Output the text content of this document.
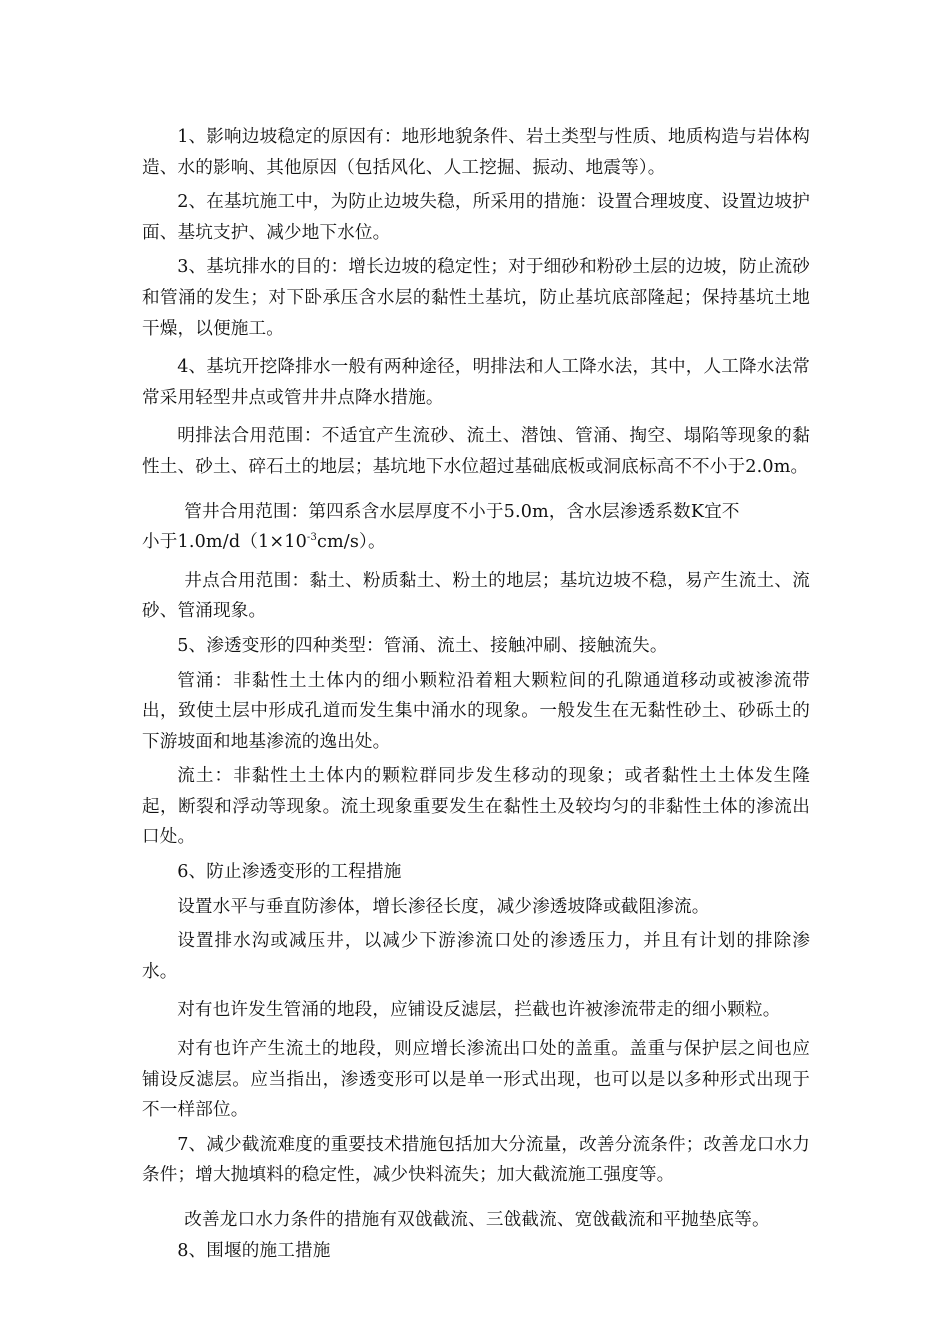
1、影响边坡稳定的原因有：地形地貌条件、岩土类型与性质、地质构造与岩体构造、水的影响、其他原因（包括风化、人工挖掘、振动、地震等）。

2、在基坑施工中，为防止边坡失稳，所采用的措施：设置合理坡度、设置边坡护面、基坑支护、减少地下水位。

3、基坑排水的目的：增长边坡的稳定性；对于细砂和粉砂土层的边坡，防止流砂和管涌的发生；对下卧承压含水层的黏性土基坑，防止基坑底部隆起；保持基坑土地干燥，以便施工。

4、基坑开挖降排水一般有两种途径，明排法和人工降水法，其中，人工降水法常常采用轻型井点或管井井点降水措施。

明排法合用范围：不适宜产生流砂、流土、潜蚀、管涌、掏空、塌陷等现象的黏性土、砂土、碎石土的地层；基坑地下水位超过基础底板或洞底标高不不小于2.0m。

管井合用范围：第四系含水层厚度不小于5.0m，含水层渗透系数K宜不
小于$1.0m/d(1\times 10^{-3}cm/s)$。

井点合用范围：黏土、粉质黏土、粉土的地层；基坑边坡不稳，易产生流土、流砂、管涌现象。

5、渗透变形的四种类型：管涌、流土、接触冲刷、接触流失。

管涌：非黏性土土体内的细小颗粒沿着粗大颗粒间的孔隙通道移动或被渗流带出，致使土层中形成孔道而发生集中涌水的现象。一般发生在无黏性砂土、砂砾土的下游坡面和地基渗流的逸出处。

流土：非黏性土土体内的颗粒群同步发生移动的现象；或者黏性土土体发生隆起，断裂和浮动等现象。流土现象重要发生在黏性土及较均匀的非黏性土体的渗流出口处。

6、防止渗透变形的工程措施

设置水平与垂直防渗体，增长渗径长度，减少渗透坡降或截阻渗流。

设置排水沟或减压井，以减少下游渗流口处的渗透压力，并且有计划的排除渗水。

对有也许发生管涌的地段，应铺设反滤层，拦截也许被渗流带走的细小颗粒。

对有也许产生流土的地段，则应增长渗流出口处的盖重。盖重与保护层之间也应铺设反滤层。应当指出，渗透变形可以是单一形式出现，也可以是以多种形式出现于不一样部位。

7、减少截流难度的重要技术措施包括加大分流量，改善分流条件；改善龙口水力条件；增大抛填料的稳定性，减少快料流失；加大截流施工强度等。

改善龙口水力条件的措施有双戗截流、三戗截流、宽戗截流和平抛垫底等。

8、围堰的施工措施
